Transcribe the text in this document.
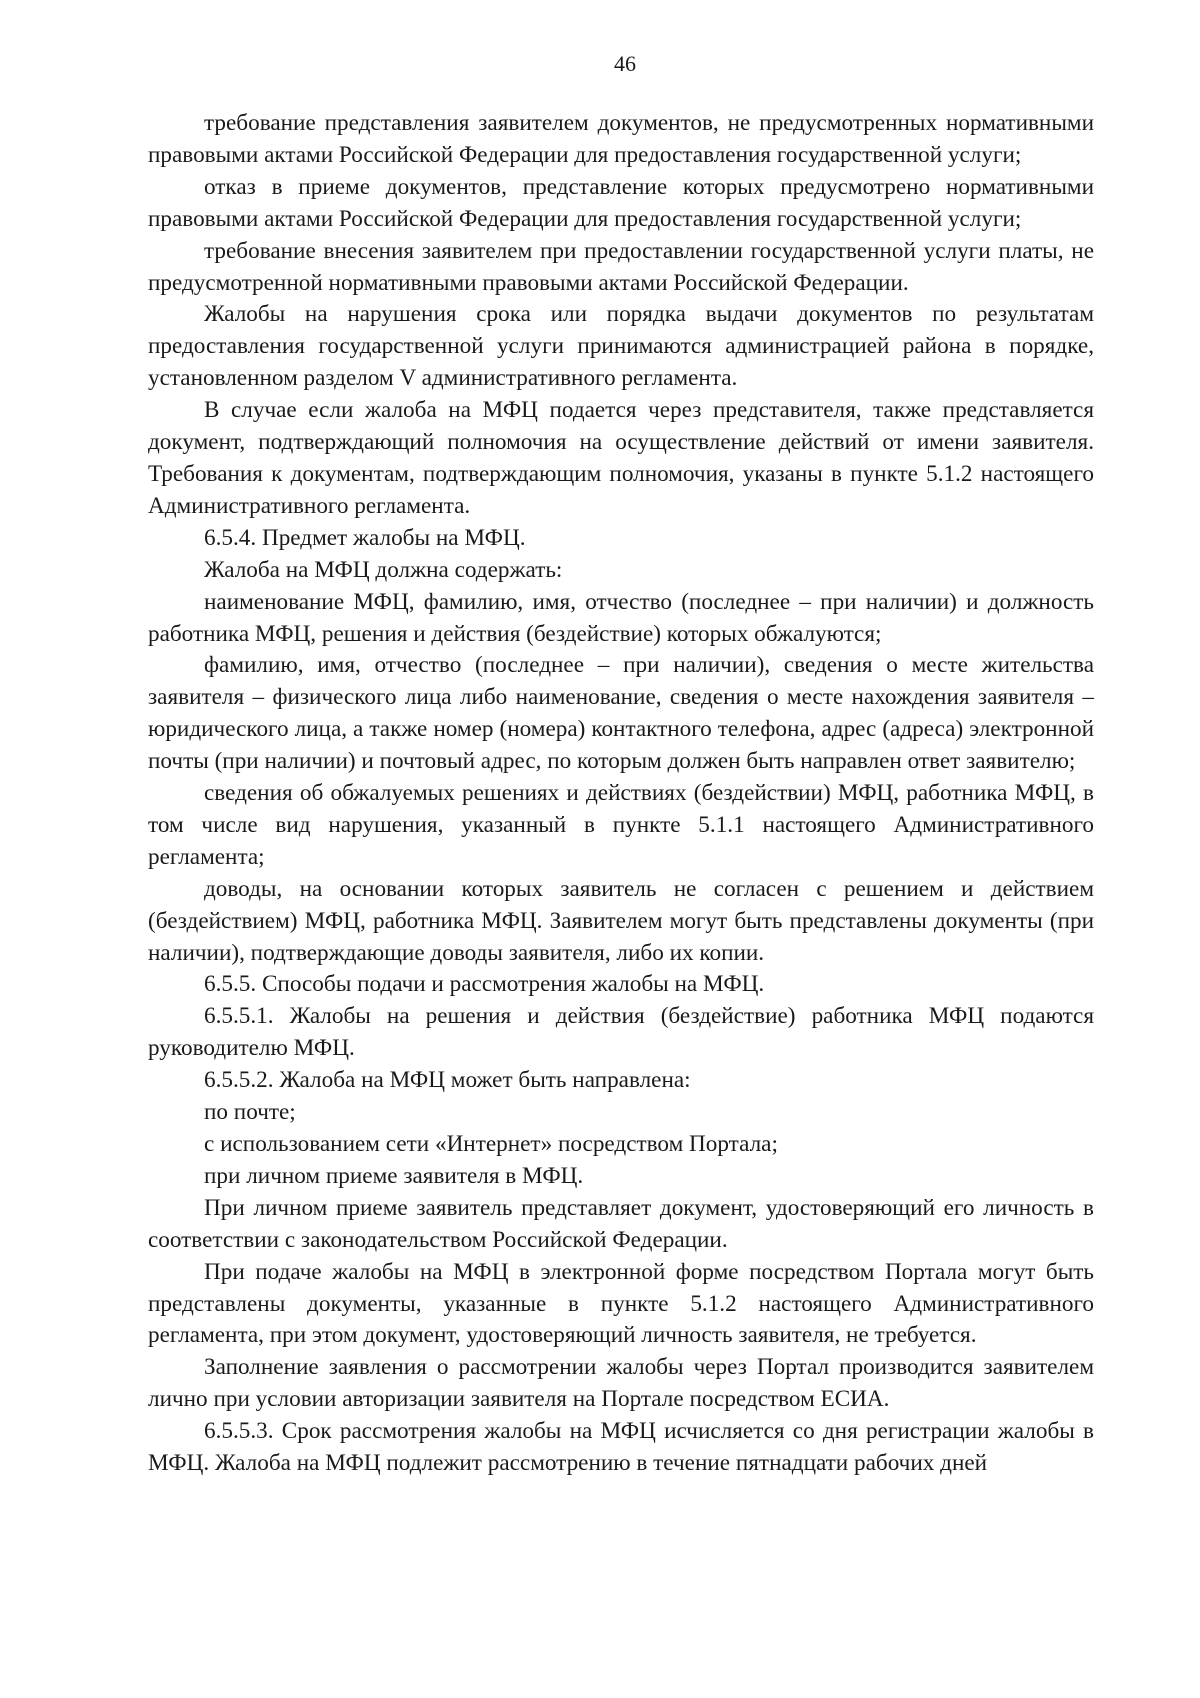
46

требование представления заявителем документов, не предусмотренных нормативными правовыми актами Российской Федерации для предоставления государственной услуги;

отказ в приеме документов, представление которых предусмотрено нормативными правовыми актами Российской Федерации для предоставления государственной услуги;

требование внесения заявителем при предоставлении государственной услуги платы, не предусмотренной нормативными правовыми актами Российской Федерации.

Жалобы на нарушения срока или порядка выдачи документов по результатам предоставления государственной услуги принимаются администрацией района в порядке, установленном разделом V административного регламента.

В случае если жалоба на МФЦ подается через представителя, также представляется документ, подтверждающий полномочия на осуществление действий от имени заявителя. Требования к документам, подтверждающим полномочия, указаны в пункте 5.1.2 настоящего Административного регламента.

6.5.4. Предмет жалобы на МФЦ.

Жалоба на МФЦ должна содержать:

наименование МФЦ, фамилию, имя, отчество (последнее – при наличии) и должность работника МФЦ, решения и действия (бездействие) которых обжалуются;

фамилию, имя, отчество (последнее – при наличии), сведения о месте жительства заявителя – физического лица либо наименование, сведения о месте нахождения заявителя – юридического лица, а также номер (номера) контактного телефона, адрес (адреса) электронной почты (при наличии) и почтовый адрес, по которым должен быть направлен ответ заявителю;

сведения об обжалуемых решениях и действиях (бездействии) МФЦ, работника МФЦ, в том числе вид нарушения, указанный в пункте 5.1.1 настоящего Административного регламента;

доводы, на основании которых заявитель не согласен с решением и действием (бездействием) МФЦ, работника МФЦ. Заявителем могут быть представлены документы (при наличии), подтверждающие доводы заявителя, либо их копии.

6.5.5. Способы подачи и рассмотрения жалобы на МФЦ.

6.5.5.1. Жалобы на решения и действия (бездействие) работника МФЦ подаются руководителю МФЦ.

6.5.5.2. Жалоба на МФЦ может быть направлена:

по почте;

с использованием сети «Интернет» посредством Портала;

при личном приеме заявителя в МФЦ.

При личном приеме заявитель представляет документ, удостоверяющий его личность в соответствии с законодательством Российской Федерации.

При подаче жалобы на МФЦ в электронной форме посредством Портала могут быть представлены документы, указанные в пункте 5.1.2 настоящего Административного регламента, при этом документ, удостоверяющий личность заявителя, не требуется.

Заполнение заявления о рассмотрении жалобы через Портал производится заявителем лично при условии авторизации заявителя на Портале посредством ЕСИА.

6.5.5.3. Срок рассмотрения жалобы на МФЦ исчисляется со дня регистрации жалобы в МФЦ. Жалоба на МФЦ подлежит рассмотрению в течение пятнадцати рабочих дней
